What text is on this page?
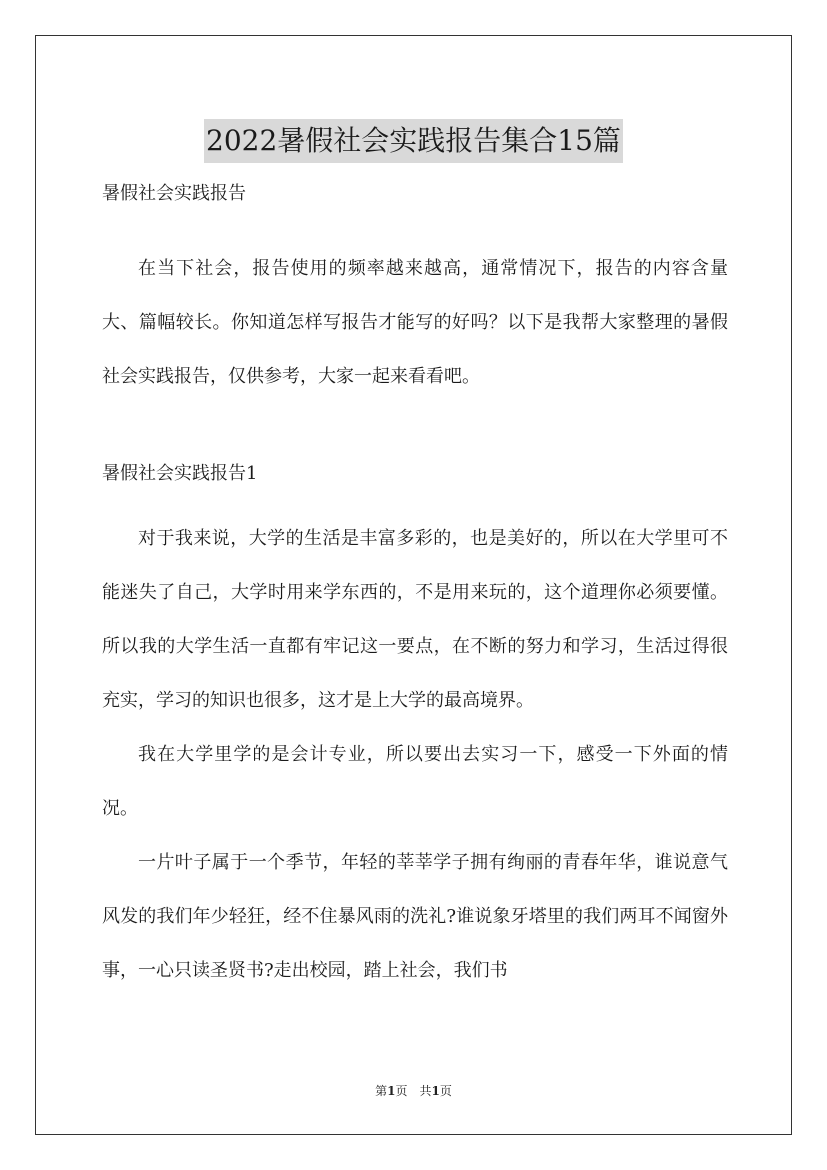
2022暑假社会实践报告集合15篇

暑假社会实践报告

在当下社会，报告使用的频率越来越高，通常情况下，报告的内容含量大、篇幅较长。你知道怎样写报告才能写的好吗？以下是我帮大家整理的暑假社会实践报告，仅供参考，大家一起来看看吧。

暑假社会实践报告1

对于我来说，大学的生活是丰富多彩的，也是美好的，所以在大学里可不能迷失了自己，大学时用来学东西的，不是用来玩的，这个道理你必须要懂。所以我的大学生活一直都有牢记这一要点，在不断的努力和学习，生活过得很充实，学习的知识也很多，这才是上大学的最高境界。

我在大学里学的是会计专业，所以要出去实习一下，感受一下外面的情况。

一片叶子属于一个季节，年轻的莘莘学子拥有绚丽的青春年华，谁说意气风发的我们年少轻狂，经不住暴风雨的洗礼?谁说象牙塔里的我们两耳不闻窗外事，一心只读圣贤书?走出校园，踏上社会，我们书

第1页　共1页
